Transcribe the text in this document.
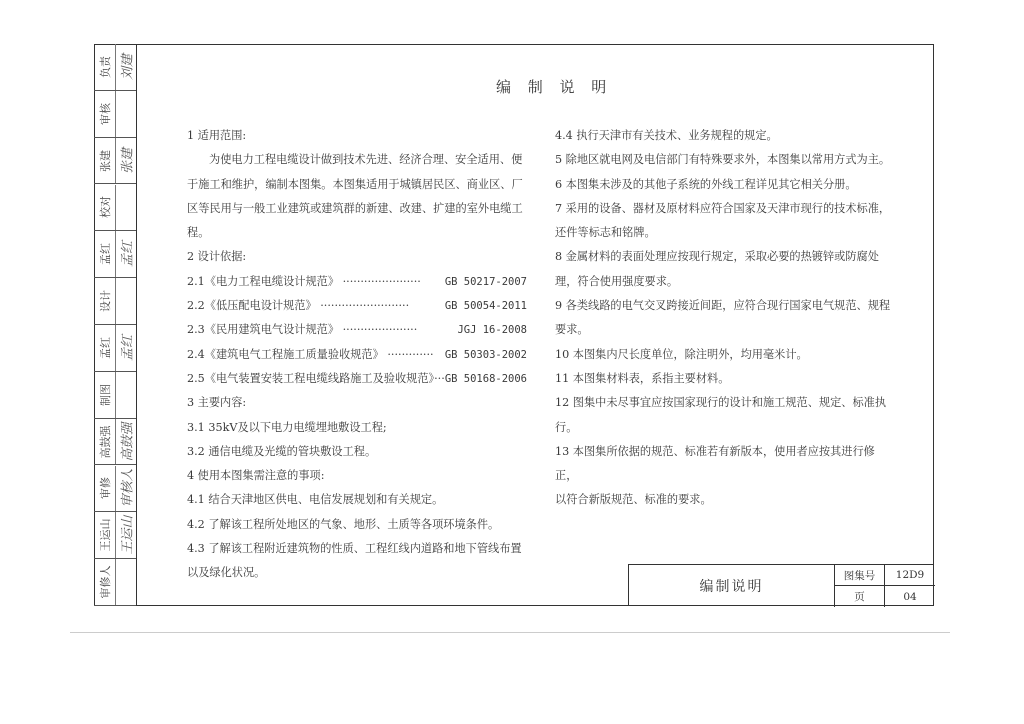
负责 刘建
审核
张建 张建
校对
孟红 孟红
设计
孟红 孟红
制图
高鼓强 高鼓强
审修 审核人
王运山 王运山
审修人
编 制 说 明

1 适用范围:

为使电力工程电缆设计做到技术先进、经济合理、安全适用、便

于施工和维护，编制本图集。本图集适用于城镇居民区、商业区、厂

区等民用与一般工业建筑或建筑群的新建、改建、扩建的室外电缆工

程。

2 设计依据:

2.1《电力工程电缆设计规范》 ······················ GB 50217-2007
2.2《低压配电设计规范》 ·························	GB 50054-2011
2.3《民用建筑电气设计规范》 ·····················	JGJ 16-2008
2.4《建筑电气工程施工质量验收规范》 ············· GB 50303-2002
2.5《电气装置安装工程电缆线路施工及验收规范》··· GB 50168-2006

3 主要内容:

3.1 35kV及以下电力电缆埋地敷设工程;

3.2 通信电缆及光缆的管块敷设工程。

4 使用本图集需注意的事项:

4.1 结合天津地区供电、电信发展规划和有关规定。

4.2 了解该工程所处地区的气象、地形、土质等各项环境条件。

4.3 了解该工程附近建筑物的性质、工程红线内道路和地下管线布置

以及绿化状况。

4.4 执行天津市有关技术、业务规程的规定。

5 除地区就电网及电信部门有特殊要求外，本图集以常用方式为主。

6 本图集未涉及的其他子系统的外线工程详见其它相关分册。

7 采用的设备、器材及原材料应符合国家及天津市现行的技术标准，

还件等标志和铭牌。

8 金属材料的表面处理应按现行规定，采取必要的热镀锌或防腐处

理，符合使用强度要求。

9 各类线路的电气交叉跨接近间距，应符合现行国家电气规范、规程

要求。

10 本图集内尺长度单位，除注明外，均用毫米计。

11 本图集材料表，系指主要材料。

12 图集中未尽事宜应按国家现行的设计和施工规范、规定、标准执

行。

13 本图集所依据的规范、标准若有新版本，使用者应按其进行修正，

以符合新版规范、标准的要求。

编制说明
图集号	12D9
页	04
